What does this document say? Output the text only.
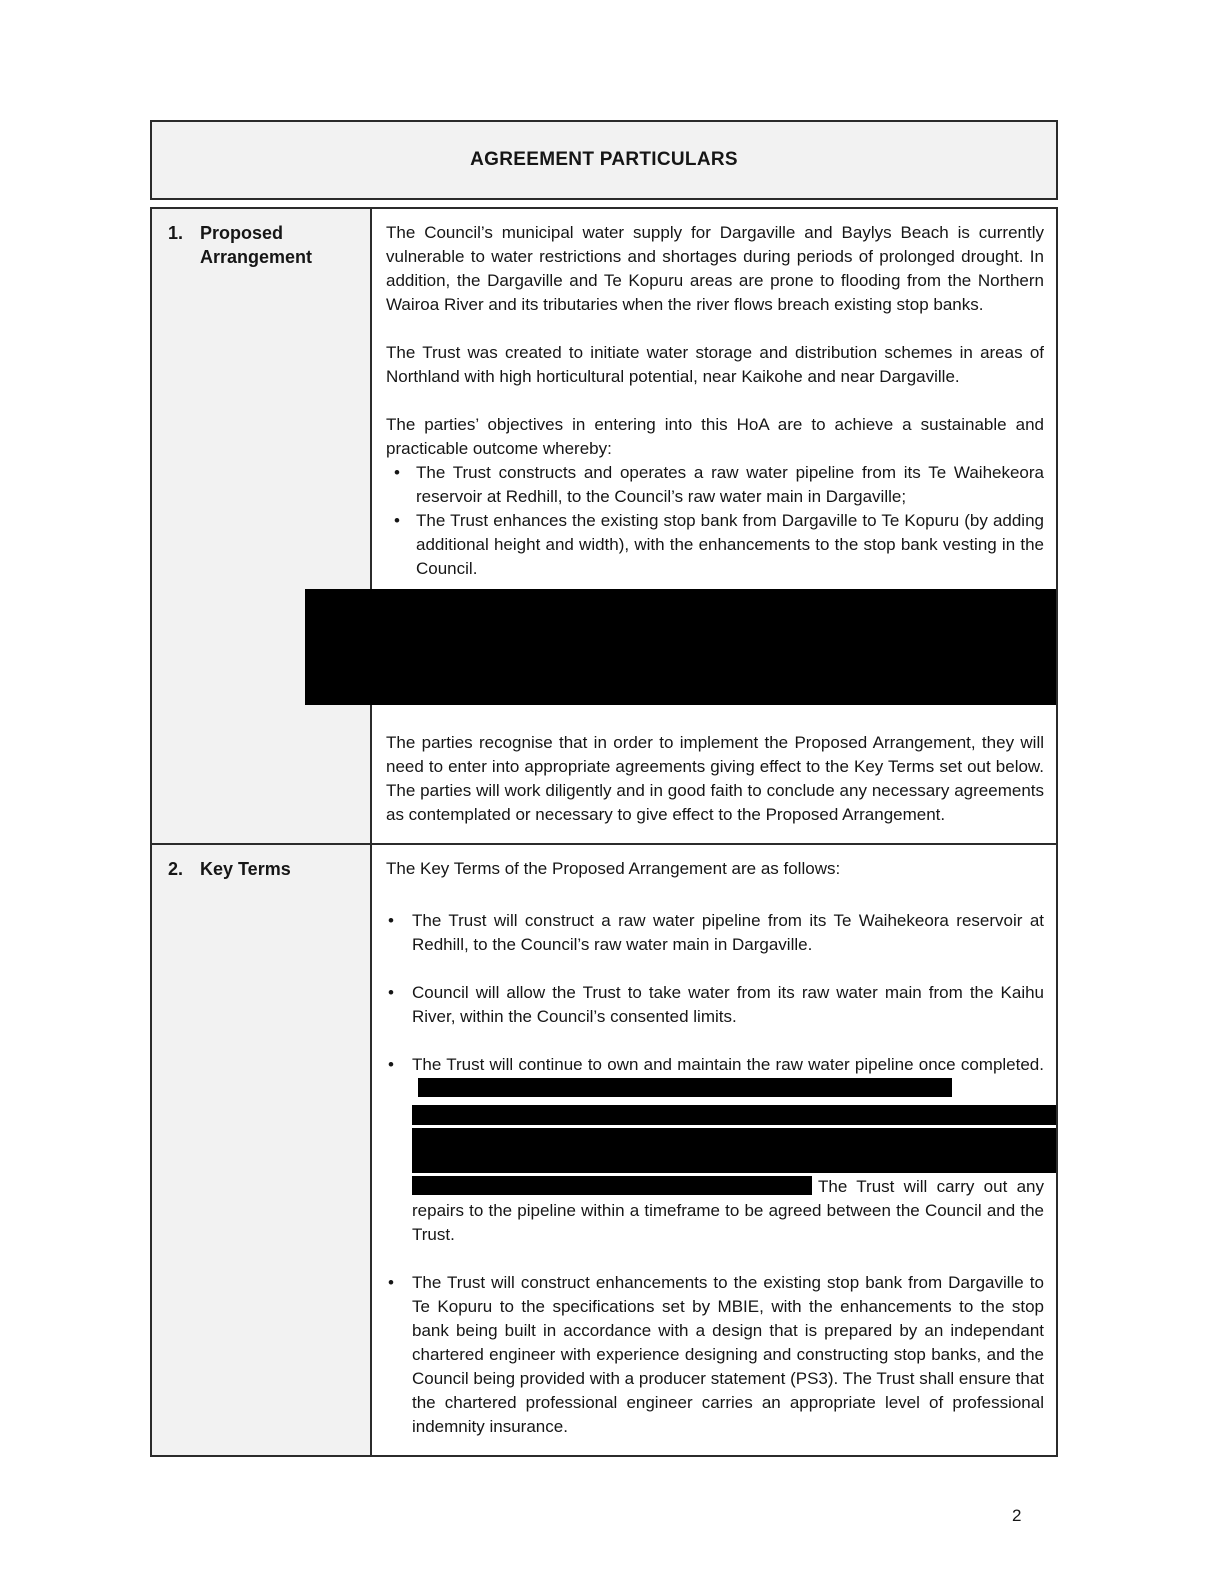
AGREEMENT PARTICULARS
1. Proposed Arrangement

The Council’s municipal water supply for Dargaville and Baylys Beach is currently vulnerable to water restrictions and shortages during periods of prolonged drought. In addition, the Dargaville and Te Kopuru areas are prone to flooding from the Northern Wairoa River and its tributaries when the river flows breach existing stop banks.

The Trust was created to initiate water storage and distribution schemes in areas of Northland with high horticultural potential, near Kaikohe and near Dargaville.

The parties’ objectives in entering into this HoA are to achieve a sustainable and practicable outcome whereby:
• The Trust constructs and operates a raw water pipeline from its Te Waihekeora reservoir at Redhill, to the Council’s raw water main in Dargaville;
• The Trust enhances the existing stop bank from Dargaville to Te Kopuru (by adding additional height and width), with the enhancements to the stop bank vesting in the Council.

The parties recognise that in order to implement the Proposed Arrangement, they will need to enter into appropriate agreements giving effect to the Key Terms set out below. The parties will work diligently and in good faith to conclude any necessary agreements as contemplated or necessary to give effect to the Proposed Arrangement.

2. Key Terms	The Key Terms of the Proposed Arrangement are as follows:

•	The Trust will construct a raw water pipeline from its Te Waihekeora reservoir at Redhill, to the Council’s raw water main in Dargaville.
•	Council will allow the Trust to take water from its raw water main from the Kaihu River, within the Council’s consented limits.
•	The Trust will continue to own and maintain the raw water pipeline once completed.
The Trust will carry out any repairs to the pipeline within a timeframe to be agreed between the Council and the Trust.
•	The Trust will construct enhancements to the existing stop bank from Dargaville to Te Kopuru to the specifications set by MBIE, with the enhancements to the stop bank being built in accordance with a design that is prepared by an independant chartered engineer with experience designing and constructing stop banks, and the Council being provided with a producer statement (PS3). The Trust shall ensure that the chartered professional engineer carries an appropriate level of professional indemnity insurance.
2
